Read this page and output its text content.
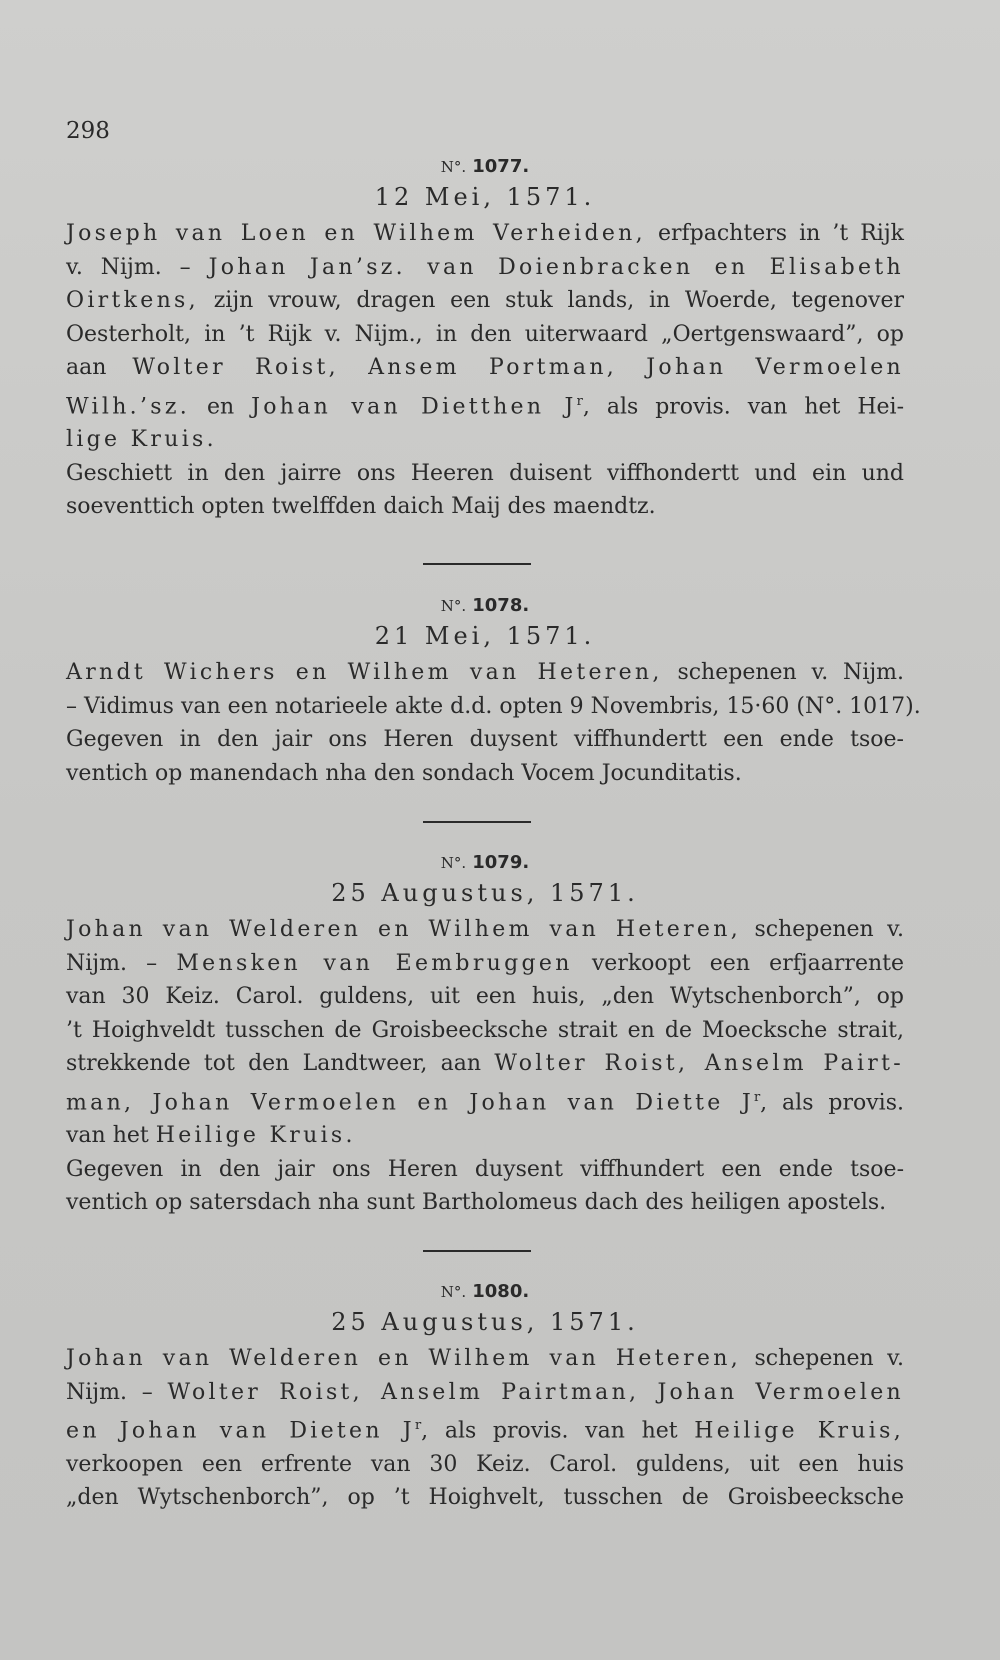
298

N°. 1077.

12 Mei, 1571.

Joseph van Loen en Wilhem Verheiden, erfpachters in ’t Rijk
v. Nijm. – Johan Jan’sz. van Doienbracken en Elisabeth
Oirtkens, zijn vrouw, dragen een stuk lands, in Woerde, tegenover
Oesterholt, in ’t Rijk v. Nijm., in den uiterwaard „Oertgenswaard”, op
aan Wolter Roist, Ansem Portman, Johan Vermoelen
Wilh.’sz. en Johan van Dietthen $J^r$, als provis. van het Hei-
lige Kruis.
Geschiett in den jairre ons Heeren duisent viffhondertt und ein und
soeventtich opten twelffden daich Maij des maendtz.

N°. 1078.

21 Mei, 1571.

Arndt Wichers en Wilhem van Heteren, schepenen v. Nijm.
– Vidimus van een notarieele akte d.d. opten 9 Novembris, 15·60 (N°. 1017).
Gegeven in den jair ons Heren duysent viffhundertt een ende tsoe-
ventich op manendach nha den sondach Vocem Jocunditatis.

N°. 1079.

25 Augustus, 1571.

Johan van Welderen en Wilhem van Heteren, schepenen v.
Nijm. – Mensken van Eembruggen verkoopt een erfjaarrente
van 30 Keiz. Carol. guldens, uit een huis, „den Wytschenborch”, op
’t Hoighveldt tusschen de Groisbeecksche strait en de Moecksche strait,
strekkende tot den Landtweer, aan Wolter Roist, Anselm Pairt-
man, Johan Vermoelen en Johan van Diette $J^r$, als provis.
van het Heilige Kruis.
Gegeven in den jair ons Heren duysent viffhundert een ende tsoe-
ventich op satersdach nha sunt Bartholomeus dach des heiligen apostels.

N°. 1080.

25 Augustus, 1571.

Johan van Welderen en Wilhem van Heteren, schepenen v.
Nijm. – Wolter Roist, Anselm Pairtman, Johan Vermoelen
en Johan van Dieten $J^r$, als provis. van het Heilige Kruis,
verkoopen een erfrente van 30 Keiz. Carol. guldens, uit een huis
„den Wytschenborch”, op ’t Hoighvelt, tusschen de Groisbeecksche
